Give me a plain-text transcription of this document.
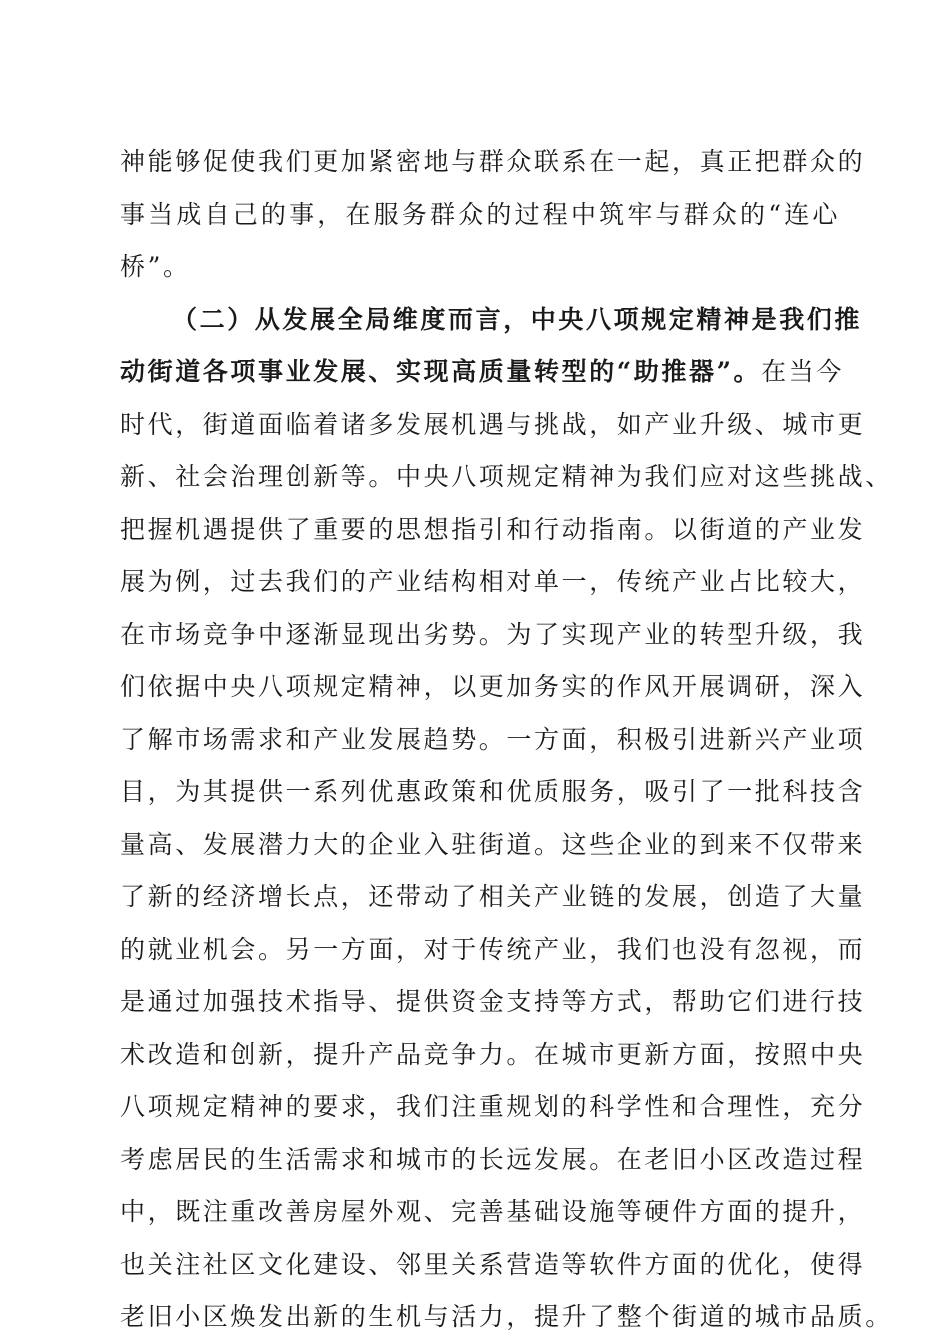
神能够促使我们更加紧密地与群众联系在一起，真正把群众的
事当成自己的事，在服务群众的过程中筑牢与群众的“连心
桥”。
（二）从发展全局维度而言，中央八项规定精神是我们推
动街道各项事业发展、实现高质量转型的“助推器”。在当今
时代，街道面临着诸多发展机遇与挑战，如产业升级、城市更
新、社会治理创新等。中央八项规定精神为我们应对这些挑战、
把握机遇提供了重要的思想指引和行动指南。以街道的产业发
展为例，过去我们的产业结构相对单一，传统产业占比较大，
在市场竞争中逐渐显现出劣势。为了实现产业的转型升级，我
们依据中央八项规定精神，以更加务实的作风开展调研，深入
了解市场需求和产业发展趋势。一方面，积极引进新兴产业项
目，为其提供一系列优惠政策和优质服务，吸引了一批科技含
量高、发展潜力大的企业入驻街道。这些企业的到来不仅带来
了新的经济增长点，还带动了相关产业链的发展，创造了大量
的就业机会。另一方面，对于传统产业，我们也没有忽视，而
是通过加强技术指导、提供资金支持等方式，帮助它们进行技
术改造和创新，提升产品竞争力。在城市更新方面，按照中央
八项规定精神的要求，我们注重规划的科学性和合理性，充分
考虑居民的生活需求和城市的长远发展。在老旧小区改造过程
中，既注重改善房屋外观、完善基础设施等硬件方面的提升，
也关注社区文化建设、邻里关系营造等软件方面的优化，使得
老旧小区焕发出新的生机与活力，提升了整个街道的城市品质。
